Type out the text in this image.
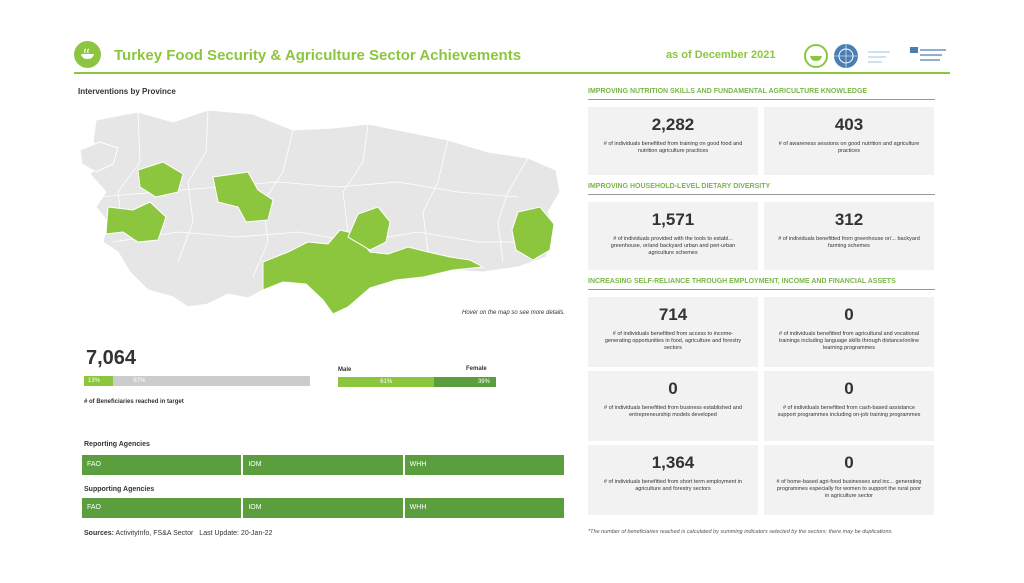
Turkey Food Security & Agriculture Sector Achievements	as of December 2021
Interventions by Province
Hover on the map so see more details.
7,064
13%	87%
# of Beneficiaries reached in target
Male	Female
61%	39%
Reporting Agencies
FAO	IOM	WHH
Supporting Agencies
FAO	IOM	WHH
Sources: ActivityInfo, FS&A Sector Last Update: 20-Jan-22	*The number of beneficiaries reached is calculated by summing indicators selected by the sectors; there may be duplications.
IMPROVING NUTRITION SKILLS AND FUNDAMENTAL AGRICULTURE KNOWLEDGE
2,282
# of individuals benefitted from training on good food and nutrition agriculture practices
403
# of awareness sessions on good nutrition and agriculture practices
IMPROVING HOUSEHOLD-LEVEL DIETARY DIVERSITY
1,571
# of individuals provided with the tools to establ... greenhouse, or/and backyard urban and peri-urban agriculture schemes
312
# of individuals benefitted from greenhouse or/... backyard farming schemes
INCREASING SELF-RELIANCE THROUGH EMPLOYMENT, INCOME AND FINANCIAL ASSETS
714
# of individuals benefitted from access to income-generating opportunities in food, agriculture and forestry sectors
0
# of individuals benefitted from agricultural and vocational trainings including language skills through distance/online learning programmes
0
# of individuals benefitted from business established and entrepreneurship models developed
0
# of individuals benefitted from cash-based assistance support programmes including on-job training programmes
1,364
# of individuals benefitted from short term employment in agriculture and forestry sectors
0
# of home-based agri-food businesses and inc... generating programmes especially for women to support the rural poor in agriculture sector
